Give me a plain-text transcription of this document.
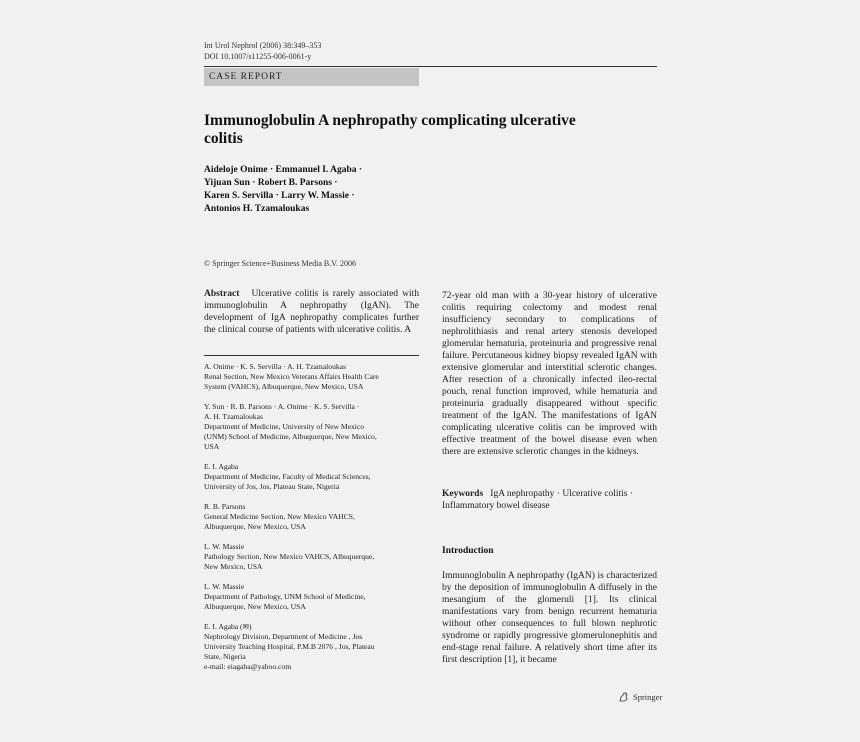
Int Urol Nephrol (2006) 38:349–353
DOI 10.1007/s11255-006-0061-y
CASE REPORT
Immunoglobulin A nephropathy complicating ulcerative
colitis
Aideloje Onime · Emmanuel I. Agaba ·
Yijuan Sun · Robert B. Parsons ·
Karen S. Servilla · Larry W. Massie ·
Antonios H. Tzamaloukas
© Springer Science+Business Media B.V. 2006
Abstract Ulcerative colitis is rarely associated with immunoglobulin A nephropathy (IgAN). The development of IgA nephropathy complicates further the clinical course of patients with ulcerative colitis. A
A. Onime · K. S. Servilla · A. H. Tzamaloukas
Renal Section, New Mexico Veterans Affairs Health Care
System (VAHCS), Albuquerque, New Mexico, USA
Y. Sun · R. B. Parsons · A. Onime · K. S. Servilla ·
A. H. Tzamaloukas
Department of Medicine, University of New Mexico
(UNM) School of Medicine, Albuquerque, New Mexico,
USA
E. I. Agaba
Department of Medicine, Faculty of Medical Sciences,
University of Jos, Jos, Plateau State, Nigeria
R. B. Parsons
General Medicine Section, New Mexico VAHCS,
Albuquerque, New Mexico, USA
L. W. Massie
Pathology Section, New Mexico VAHCS, Albuquerque,
New Mexico, USA
L. W. Massie
Department of Pathology, UNM School of Medicine,
Albuquerque, New Mexico, USA
E. I. Agaba (✉)
Nephrology Division, Department of Medicine , Jos
University Teaching Hospital, P.M.B 2076 , Jos, Plateau
State, Nigeria
e-mail: eiagaba@yahoo.com
72-year old man with a 30-year history of ulcerative colitis requiring colectomy and modest renal insufficiency secondary to complications of nephrolithiasis and renal artery stenosis developed glomerular hematuria, proteinuria and progressive renal failure. Percutaneous kidney biopsy revealed IgAN with extensive glomerular and interstitial sclerotic changes. After resection of a chronically infected ileo-rectal pouch, renal function improved, while hematuria and proteinuria gradually disappeared without specific treatment of the IgAN. The manifestations of IgAN complicating ulcerative colitis can be improved with effective treatment of the bowel disease even when there are extensive sclerotic changes in the kidneys.
Keywords IgA nephropathy · Ulcerative colitis · Inflammatory bowel disease
Introduction
Immunoglobulin A nephropathy (IgAN) is characterized by the deposition of immunoglobulin A diffusely in the mesangium of the glomeruli [1]. Its clinical manifestations vary from benign recurrent hematuria without other consequences to full blown nephrotic syndrome or rapidly progressive glomerulonephitis and end-stage renal failure. A relatively short time after its first description [1], it became
Springer
